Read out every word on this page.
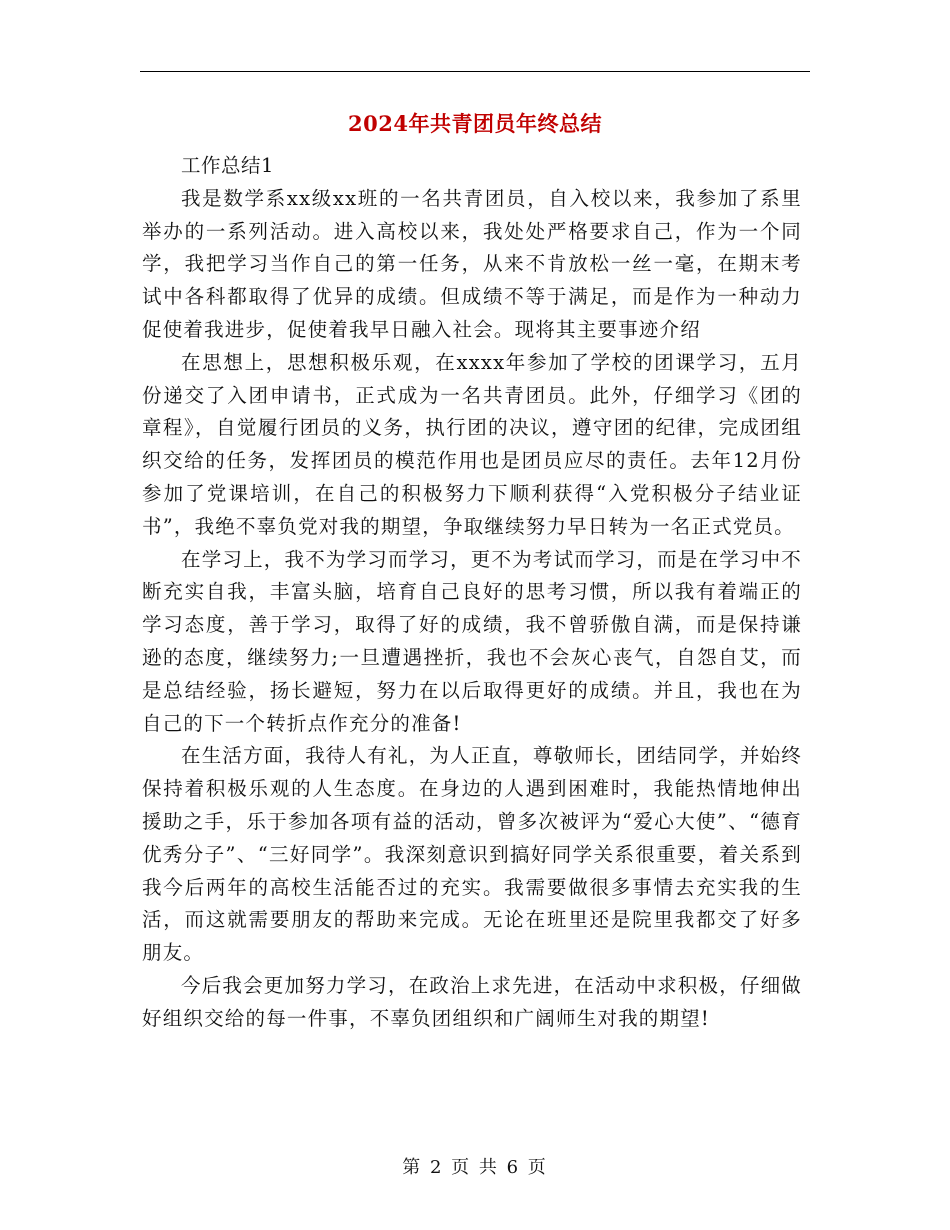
2024年共青团员年终总结

工作总结1

我是数学系xx级xx班的一名共青团员，自入校以来，我参加了系里举办的一系列活动。进入高校以来，我处处严格要求自己，作为一个同学，我把学习当作自己的第一任务，从来不肯放松一丝一毫，在期末考试中各科都取得了优异的成绩。但成绩不等于满足，而是作为一种动力促使着我进步，促使着我早日融入社会。现将其主要事迹介绍

在思想上，思想积极乐观，在xxxx年参加了学校的团课学习，五月份递交了入团申请书，正式成为一名共青团员。此外，仔细学习《团的章程》，自觉履行团员的义务，执行团的决议，遵守团的纪律，完成团组织交给的任务，发挥团员的模范作用也是团员应尽的责任。去年12月份参加了党课培训，在自己的积极努力下顺利获得“入党积极分子结业证书”，我绝不辜负党对我的期望，争取继续努力早日转为一名正式党员。

在学习上，我不为学习而学习，更不为考试而学习，而是在学习中不断充实自我，丰富头脑，培育自己良好的思考习惯，所以我有着端正的学习态度，善于学习，取得了好的成绩，我不曾骄傲自满，而是保持谦逊的态度，继续努力;一旦遭遇挫折，我也不会灰心丧气，自怨自艾，而是总结经验，扬长避短，努力在以后取得更好的成绩。并且，我也在为自己的下一个转折点作充分的准备!

在生活方面，我待人有礼，为人正直，尊敬师长，团结同学，并始终保持着积极乐观的人生态度。在身边的人遇到困难时，我能热情地伸出援助之手，乐于参加各项有益的活动，曾多次被评为“爱心大使”、“德育优秀分子”、“三好同学”。我深刻意识到搞好同学关系很重要，着关系到我今后两年的高校生活能否过的充实。我需要做很多事情去充实我的生活，而这就需要朋友的帮助来完成。无论在班里还是院里我都交了好多朋友。

今后我会更加努力学习，在政治上求先进，在活动中求积极，仔细做好组织交给的每一件事，不辜负团组织和广阔师生对我的期望!

第 2 页 共 6 页
